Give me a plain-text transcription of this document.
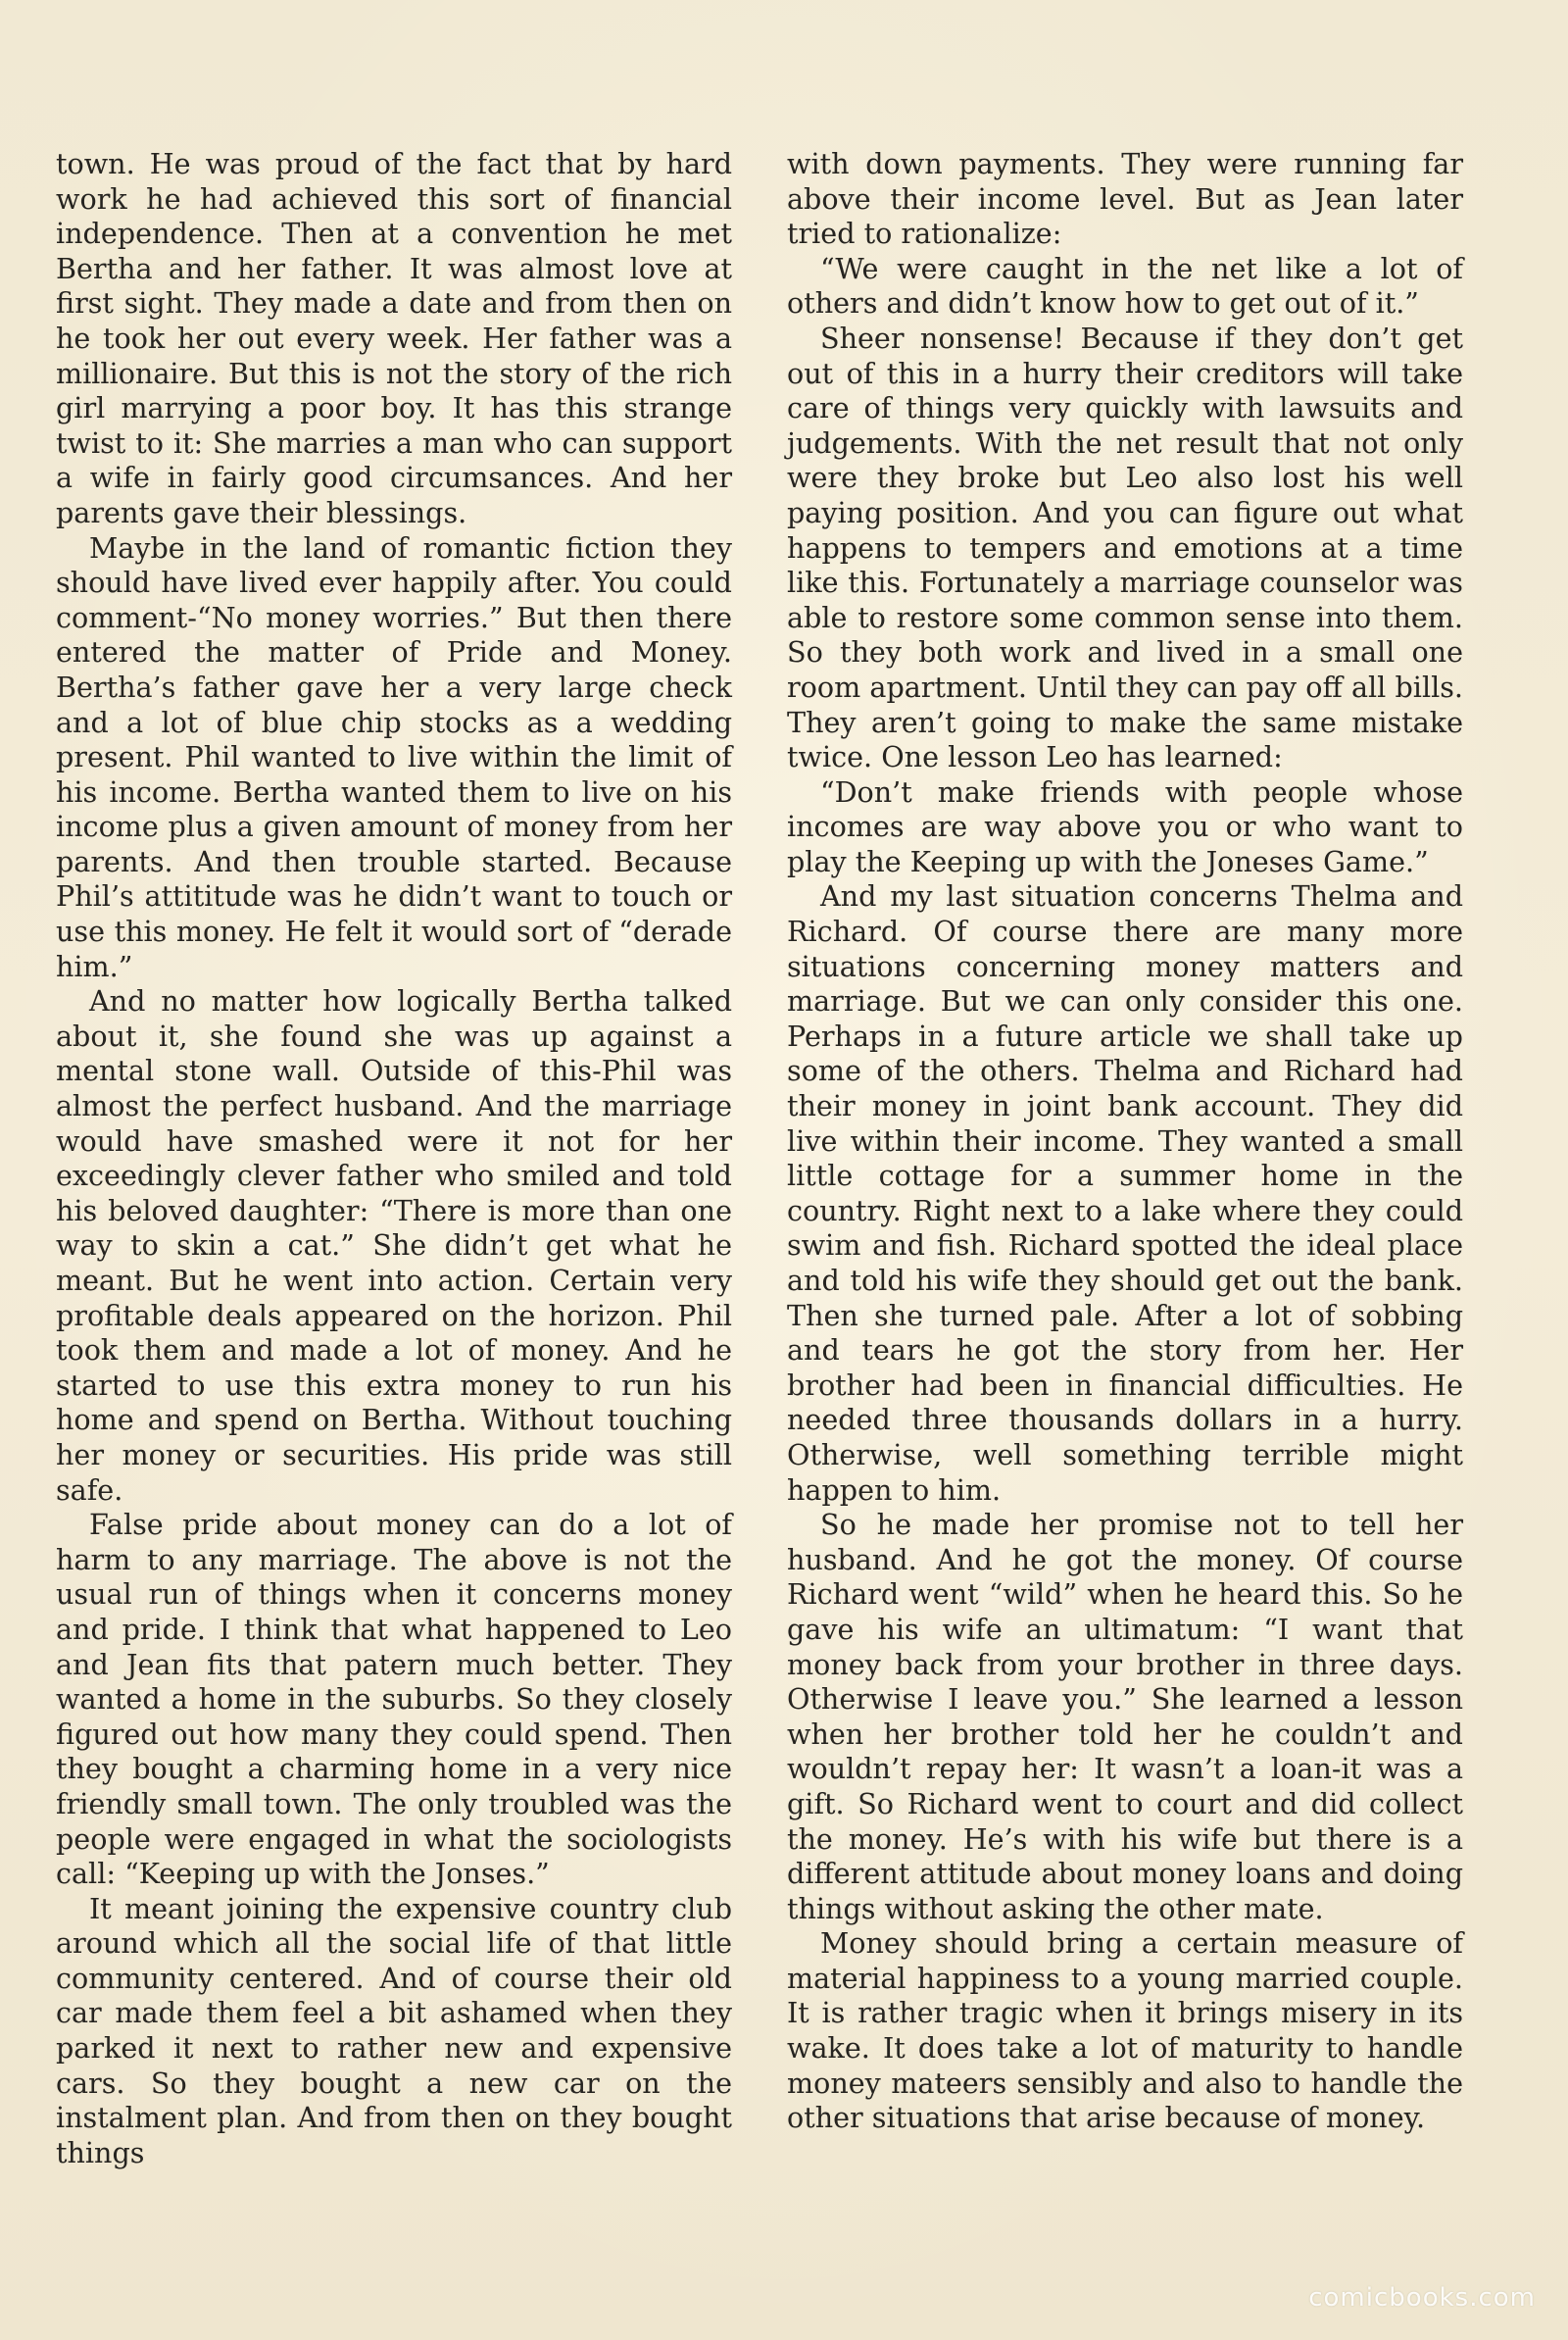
town. He was proud of the fact that by hard work he had achieved this sort of financial independence. Then at a convention he met Bertha and her father. It was almost love at first sight. They made a date and from then on he took her out every week. Her father was a millionaire. But this is not the story of the rich girl marrying a poor boy. It has this strange twist to it: She marries a man who can support a wife in fairly good circumsances. And her parents gave their blessings.

Maybe in the land of romantic fiction they should have lived ever happily after. You could comment-“No money worries.” But then there entered the matter of Pride and Money. Bertha’s father gave her a very large check and a lot of blue chip stocks as a wedding present. Phil wanted to live within the limit of his income. Bertha wanted them to live on his income plus a given amount of money from her parents. And then trouble started. Because Phil’s attititude was he didn’t want to touch or use this money. He felt it would sort of “derade him.”

And no matter how logically Bertha talked about it, she found she was up against a mental stone wall. Outside of this-Phil was almost the perfect husband. And the marriage would have smashed were it not for her exceedingly clever father who smiled and told his beloved daughter: “There is more than one way to skin a cat.” She didn’t get what he meant. But he went into action. Certain very profitable deals appeared on the horizon. Phil took them and made a lot of money. And he started to use this extra money to run his home and spend on Bertha. Without touching her money or securities. His pride was still safe.

False pride about money can do a lot of harm to any marriage. The above is not the usual run of things when it concerns money and pride. I think that what happened to Leo and Jean fits that patern much better. They wanted a home in the suburbs. So they closely figured out how many they could spend. Then they bought a charming home in a very nice friendly small town. The only troubled was the people were engaged in what the sociologists call: “Keeping up with the Jonses.”

It meant joining the expensive country club around which all the social life of that little community centered. And of course their old car made them feel a bit ashamed when they parked it next to rather new and expensive cars. So they bought a new car on the instalment plan. And from then on they bought things

with down payments. They were running far above their income level. But as Jean later tried to rationalize:

“We were caught in the net like a lot of others and didn’t know how to get out of it.”

Sheer nonsense! Because if they don’t get out of this in a hurry their creditors will take care of things very quickly with lawsuits and judgements. With the net result that not only were they broke but Leo also lost his well paying position. And you can figure out what happens to tempers and emotions at a time like this. Fortunately a marriage counselor was able to restore some common sense into them. So they both work and lived in a small one room apartment. Until they can pay off all bills. They aren’t going to make the same mistake twice. One lesson Leo has learned:

“Don’t make friends with people whose incomes are way above you or who want to play the Keeping up with the Joneses Game.”

And my last situation concerns Thelma and Richard. Of course there are many more situations concerning money matters and marriage. But we can only consider this one. Perhaps in a future article we shall take up some of the others. Thelma and Richard had their money in joint bank account. They did live within their income. They wanted a small little cottage for a summer home in the country. Right next to a lake where they could swim and fish. Richard spotted the ideal place and told his wife they should get out the bank. Then she turned pale. After a lot of sobbing and tears he got the story from her. Her brother had been in financial difficulties. He needed three thousands dollars in a hurry. Otherwise, well something terrible might happen to him.

So he made her promise not to tell her husband. And he got the money. Of course Richard went “wild” when he heard this. So he gave his wife an ultimatum: “I want that money back from your brother in three days. Otherwise I leave you.” She learned a lesson when her brother told her he couldn’t and wouldn’t repay her: It wasn’t a loan-it was a gift. So Richard went to court and did collect the money. He’s with his wife but there is a different attitude about money loans and doing things without asking the other mate.

Money should bring a certain measure of material happiness to a young married couple. It is rather tragic when it brings misery in its wake. It does take a lot of maturity to handle money mateers sensibly and also to handle the other situations that arise because of money.

comicbooks.com
